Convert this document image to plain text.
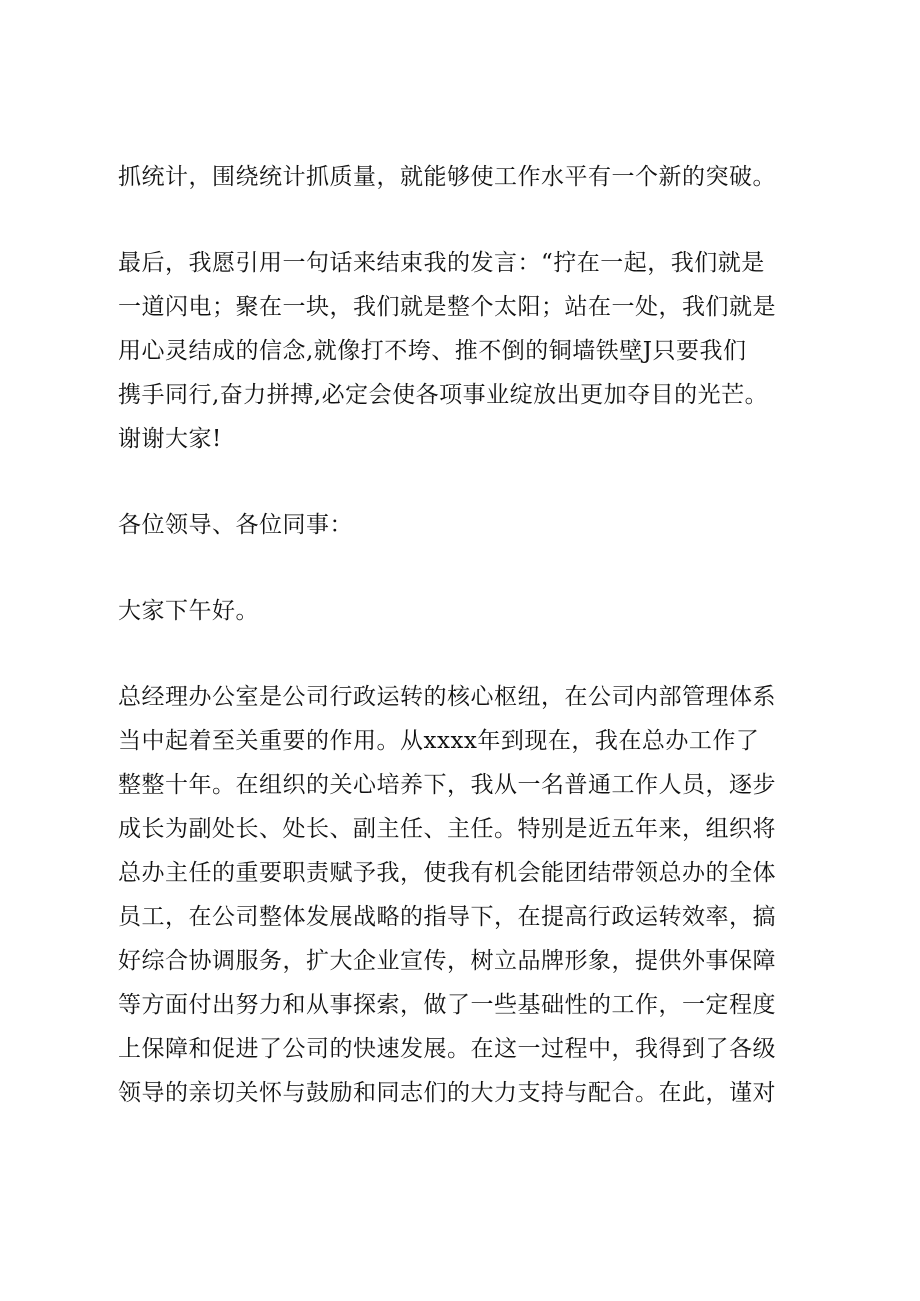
抓统计，围绕统计抓质量，就能够使工作水平有一个新的突破。
最后，我愿引用一句话来结束我的发言：“拧在一起，我们就是
一道闪电；聚在一块，我们就是整个太阳；站在一处，我们就是
用心灵结成的信念,就像打不垮、推不倒的铜墙铁壁J只要我们
携手同行,奋力拼搏,必定会使各项事业绽放出更加夺目的光芒。
谢谢大家!
各位领导、各位同事：
大家下午好。
总经理办公室是公司行政运转的核心枢纽，在公司内部管理体系
当中起着至关重要的作用。从xxxx年到现在，我在总办工作了
整整十年。在组织的关心培养下，我从一名普通工作人员，逐步
成长为副处长、处长、副主任、主任。特别是近五年来，组织将
总办主任的重要职责赋予我，使我有机会能团结带领总办的全体
员工，在公司整体发展战略的指导下，在提高行政运转效率，搞
好综合协调服务，扩大企业宣传，树立品牌形象，提供外事保障
等方面付出努力和从事探索，做了一些基础性的工作，一定程度
上保障和促进了公司的快速发展。在这一过程中，我得到了各级
领导的亲切关怀与鼓励和同志们的大力支持与配合。在此，谨对
